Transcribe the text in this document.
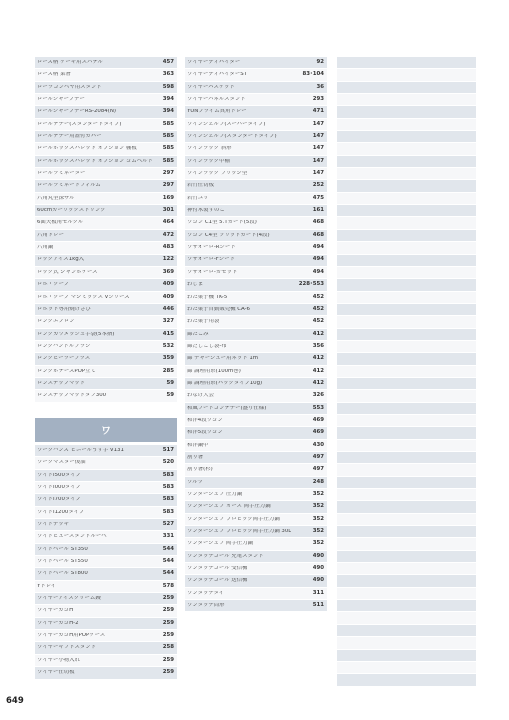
ローズ柄 ケーキ用スパテル	457
ローズ柄 菜箸	363
ローラコンベヤ用スタンド	598
ロールシャープナー	394
ロールシャープナーRS-2084(N)	394
ロールテナー(スタンダードタイプ)	585
ロールテナー用蓋付カバー	585
ロールボックスパレット オプション 棚板	585
ロールボックスパレット オプション ゴムベルト	585
ロールラミネーター	297
ロールラミネートフィルム	297
六角丸型深ザル	169
60cmガーリックストリング	301
6面天板角セルクル	464
六角トレー	472
六角鍋	483
ロックアイス1kg入	122
ロック式 ジャンボケース	369
ロボ・クープ	409
ロボ・クープ マジミックス Vシリーズ	409
ロボット専用焼けさび	446
ロングエプロン	327
ロングカワメッシュ手袋(5本指)	415
ロングハンドルブラシ	532
ロングピーラーブラス	359
ロングホテーズPOP立て	285
ロンステップマット	59
ロンステップマットタフ300	59
ワ
ワークハンズ ビニールうす手 V131	517
ワークマスター復油	520
ワイドI500タイプ	583
ワイドI000タイプ	583
ワイドI700タイプ	583
ワイドI1200タイプ	583
ワイドデッキ	527
ワイドビュースタンドルーペ	331
ワイドベール ST350	544
ワイドベール ST550	544
ワイドベール ST800	544
Yトレイ	578
ワイヤーアイスクリーム鏝	259
ワイヤーカゴH	259
ワイヤーカゴH-2	259
ワイヤーカゴH用POPケース	259
ワイヤーギフトスタンド	258
ワイヤー小物入れ	259
ワイヤー仕切板	259
ワイヤーディバイダー	92
ワイヤーディバイダーST	83･104
ワイヤーバスケット	36
ワイヤーパネルスタンド	293
YUNプライム真角トレー	471
ワインシェルフ(スーパータイプ)	147
ワインシェルフ(スタンダードタイプ)	147
ワインラック 斜形	147
ワインラック中棚	147
ワインラック ブリッジ型	147
若竹仕切板	252
若竹ユリ	475
神付木製すのこ	161
ワゴン C1型 5.Tカート(5段)	468
ワゴン C4型 ソリッドカート(4段)	468
ワサオーロ-Rシート	494
ワサオーロ-Fシート	494
ワサオーロ-カセット	494
わじま	228･553
わた菓子機 TK-5	452
わた菓子自動販売機 CA-6	452
わた菓子用袋	452
綿たこみ	412
綿だしこし袋-布	356
綿 チャーシュー用ネット 1m	412
綿 調理用糸(100m巻)	412
綿 調理用糸(バッグタイプ10g)	412
わなげ大会	326
和風フードコンテナー(盛り仕様)	553
和洋4段ワゴン	469
和洋5段ワゴン	469
和洋鍋中	430
割り箸	497
割り箸(杉)	497
ワルツ	248
ワンダーシェフ 圧力鍋	352
ワンダーシェフ オース 両手圧力鍋	352
ワンダーシェフ プロビッグ両手圧力鍋	352
ワンダーシェフ プロビッグ両手圧力鍋 30L	352
ワンダーシェフ 両手圧力鍋	352
ワンタッチコール 充電スタンド	490
ワンタッチコール 受信機	490
ワンタッチコール 送信機	490
ワンタッチタイ	311
ワンタッチ筒形	511
649
